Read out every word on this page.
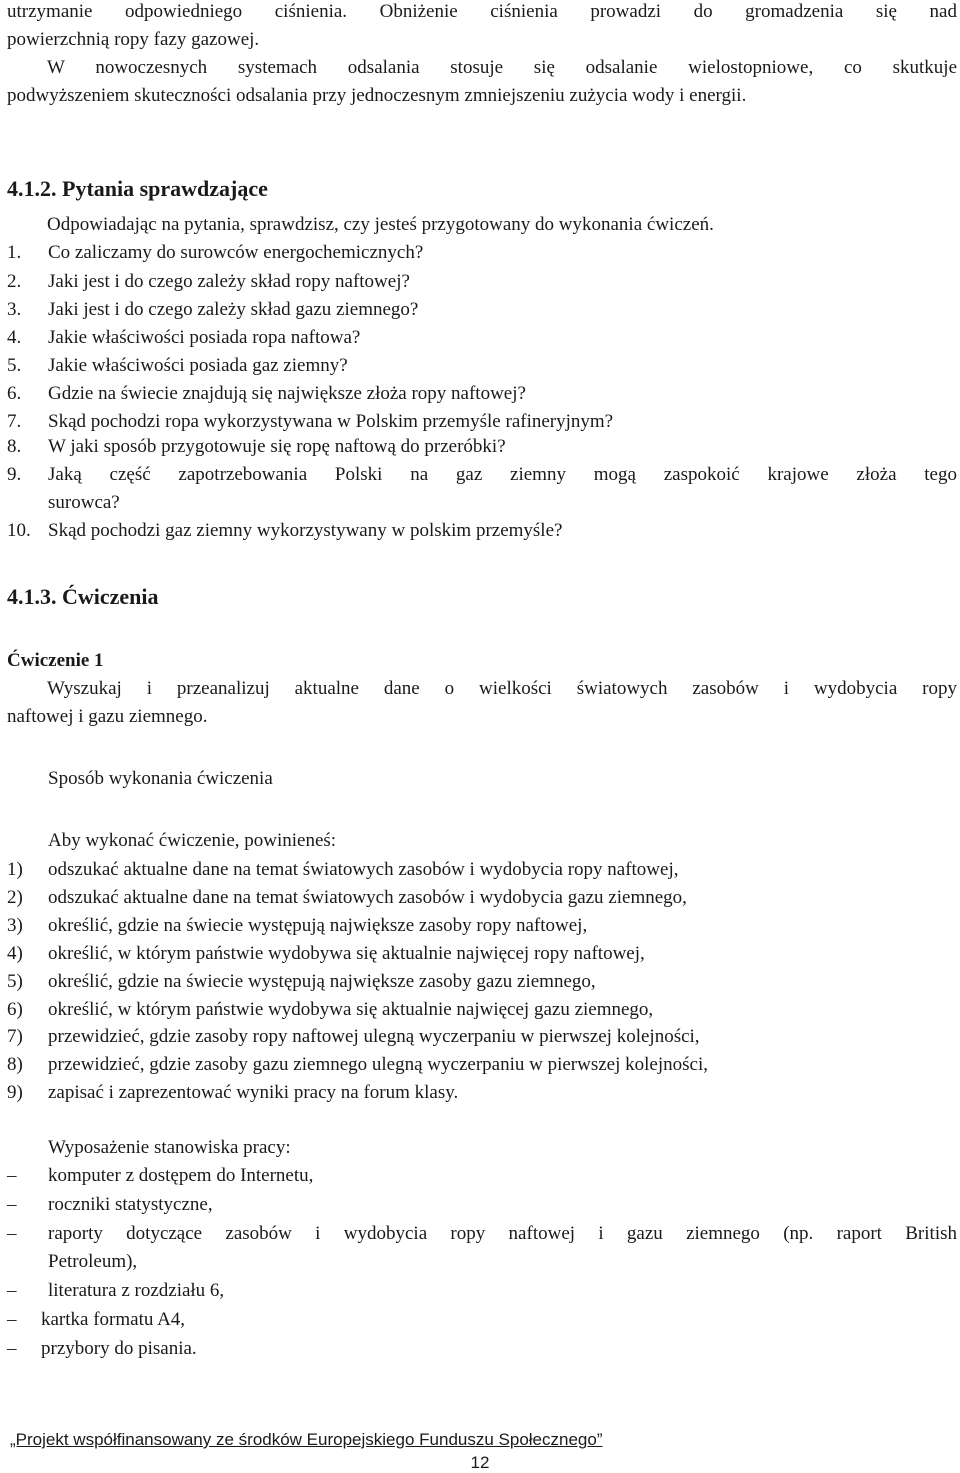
utrzymanie odpowiedniego ciśnienia. Obniżenie ciśnienia prowadzi do gromadzenia się nad
powierzchnią ropy fazy gazowej.
W nowoczesnych systemach odsalania stosuje się odsalanie wielostopniowe, co skutkuje
podwyższeniem skuteczności odsalania przy jednoczesnym zmniejszeniu zużycia wody i energii.
4.1.2. Pytania sprawdzające
Odpowiadając na pytania, sprawdzisz, czy jesteś przygotowany do wykonania ćwiczeń.
1. Co zaliczamy do surowców energochemicznych?
2. Jaki jest i do czego zależy skład ropy naftowej?
3. Jaki jest i do czego zależy skład gazu ziemnego?
4. Jakie właściwości posiada ropa naftowa?
5. Jakie właściwości posiada gaz ziemny?
6. Gdzie na świecie znajdują się największe złoża ropy naftowej?
7. Skąd pochodzi ropa wykorzystywana w Polskim przemyśle rafineryjnym?
8. W jaki sposób przygotowuje się ropę naftową do przeróbki?
9. Jaką część zapotrzebowania Polski na gaz ziemny mogą zaspokoić krajowe złoża tego
surowca?
10. Skąd pochodzi gaz ziemny wykorzystywany w polskim przemyśle?
4.1.3. Ćwiczenia
Ćwiczenie 1
Wyszukaj i przeanalizuj aktualne dane o wielkości światowych zasobów i wydobycia ropy
naftowej i gazu ziemnego.
Sposób wykonania ćwiczenia
Aby wykonać ćwiczenie, powinieneś:
1) odszukać aktualne dane na temat światowych zasobów i wydobycia ropy naftowej,
2) odszukać aktualne dane na temat światowych zasobów i wydobycia gazu ziemnego,
3) określić, gdzie na świecie występują największe zasoby ropy naftowej,
4) określić, w którym państwie wydobywa się aktualnie najwięcej ropy naftowej,
5) określić, gdzie na świecie występują największe zasoby gazu ziemnego,
6) określić, w którym państwie wydobywa się aktualnie najwięcej gazu ziemnego,
7) przewidzieć, gdzie zasoby ropy naftowej ulegną wyczerpaniu w pierwszej kolejności,
8) przewidzieć, gdzie zasoby gazu ziemnego ulegną wyczerpaniu w pierwszej kolejności,
9) zapisać i zaprezentować wyniki pracy na forum klasy.
Wyposażenie stanowiska pracy:
– komputer z dostępem do Internetu,
– roczniki statystyczne,
– raporty dotyczące zasobów i wydobycia ropy naftowej i gazu ziemnego (np. raport British
Petroleum),
– literatura z rozdziału 6,
– kartka formatu A4,
– przybory do pisania.
„Projekt współfinansowany ze środków Europejskiego Funduszu Społecznego”
12
